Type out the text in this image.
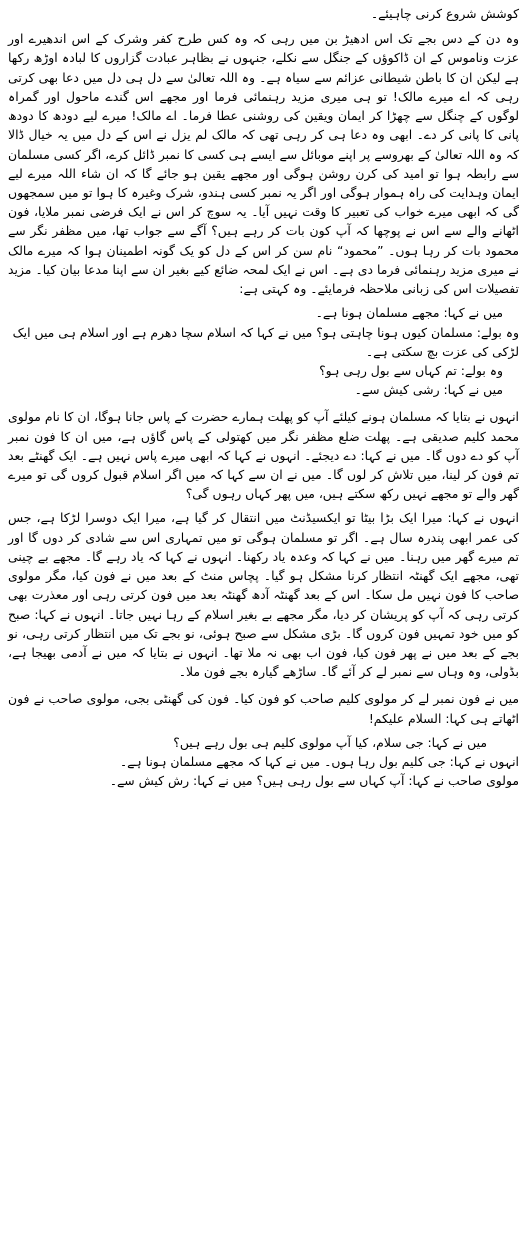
کوشش شروع کرنی چاہیئے۔

وہ دن کے دس بجے تک اس ادھیڑ بن میں رہی کہ وہ کس طرح کفر وشرک کے اس اندھیرے اور عزت وناموس کے ان ڈاکوؤں کے جنگل سے نکلے، جنہوں نے بظاہر عبادت گزاروں کا لبادہ اوڑھ رکھا ہے لیکن ان کا باطن شیطانی عزائم سے سیاہ ہے۔ وہ اللہ تعالیٰ سے دل ہی دل میں دعا بھی کرتی رہی کہ اے میرے مالک! تو ہی میری مزید رہنمائی فرما اور مجھے اس گندے ماحول اور گمراہ لوگوں کے چنگل سے چھڑا کر ایمان ویقین کی روشنی عطا فرما۔ اے مالک! میرے لیے دودھ کا دودھ پانی کا پانی کر دے۔ ابھی وہ دعا ہی کر رہی تھی کہ مالک لم یزل نے اس کے دل میں یہ خیال ڈالا کہ وہ اللہ تعالیٰ کے بھروسے پر اپنے موبائل سے ایسے ہی کسی کا نمبر ڈائل کرے، اگر کسی مسلمان سے رابطہ ہوا تو امید کی کرن روشن ہوگی اور مجھے یقین ہو جائے گا کہ ان شاء اللہ میرے لیے ایمان وہدایت کی راہ ہموار ہوگی اور اگر یہ نمبر کسی ہندو، شرک وغیرہ کا ہوا تو میں سمجھوں گی کہ ابھی میرے خواب کی تعبیر کا وقت نہیں آیا۔ یہ سوچ کر اس نے ایک فرضی نمبر ملایا، فون اٹھانے والے سے اس نے پوچھا کہ آپ کون بات کر رہے ہیں؟ آگے سے جواب تھا، میں مظفر نگر سے محمود بات کر رہا ہوں۔ ”محمود“ نام سن کر اس کے دل کو یک گونہ اطمینان ہوا کہ میرے مالک نے میری مزید رہنمائی فرما دی ہے۔ اس نے ایک لمحہ ضائع کیے بغیر ان سے اپنا مدعا بیان کیا۔ مزید تفصیلات اس کی زبانی ملاحظہ فرمایئے۔ وہ کہتی ہے:

میں نے کہا: مجھے مسلمان ہونا ہے۔

وہ بولے: مسلمان کیوں ہونا چاہتی ہو؟ میں نے کہا کہ اسلام سچا دھرم ہے اور اسلام ہی میں ایک لڑکی کی عزت بچ سکتی ہے۔

وہ بولے: تم کہاں سے بول رہی ہو؟

میں نے کہا: رشی کیش سے۔

انہوں نے بتایا کہ مسلمان ہونے کیلئے آپ کو پھلت ہمارے حضرت کے پاس جانا ہوگا، ان کا نام مولوی محمد کلیم صدیقی ہے۔ پھلت ضلع مظفر نگر میں کھتولی کے پاس گاؤں ہے، میں ان کا فون نمبر آپ کو دے دوں گا۔ میں نے کہا: دے دیجئے۔ انہوں نے کہا کہ ابھی میرے پاس نہیں ہے۔ ایک گھنٹے بعد تم فون کر لینا، میں تلاش کر لوں گا۔ میں نے ان سے کہا کہ میں اگر اسلام قبول کروں گی تو میرے گھر والے تو مجھے نہیں رکھ سکتے ہیں، میں پھر کہاں رہوں گی؟

انہوں نے کہا: میرا ایک بڑا بیٹا تو ایکسیڈنٹ میں انتقال کر گیا ہے، میرا ایک دوسرا لڑکا ہے، جس کی عمر ابھی پندرہ سال ہے۔ اگر تو مسلمان ہوگی تو میں تمہاری اس سے شادی کر دوں گا اور تم میرے گھر میں رہنا۔ میں نے کہا کہ وعدہ یاد رکھنا۔ انہوں نے کہا کہ یاد رہے گا۔ مجھے بے چینی تھی، مجھے ایک گھنٹہ انتظار کرنا مشکل ہو گیا۔ پچاس منٹ کے بعد میں نے فون کیا، مگر مولوی صاحب کا فون نہیں مل سکا۔ اس کے بعد گھنٹہ آدھ گھنٹہ بعد میں فون کرتی رہی اور معذرت بھی کرتی رہی کہ آپ کو پریشان کر دیا، مگر مجھے بے بغیر اسلام کے رہا نہیں جاتا۔ انہوں نے کہا: صبح کو میں خود تمہیں فون کروں گا۔ بڑی مشکل سے صبح ہوئی، نو بجے تک میں انتظار کرتی رہی، نو بجے کے بعد میں نے پھر فون کیا، فون اب بھی نہ ملا تھا۔ انہوں نے بتایا کہ میں نے آدمی بھیجا ہے، بڈولی، وہ وہاں سے نمبر لے کر آئے گا۔ ساڑھے گیارہ بجے فون ملا۔

میں نے فون نمبر لے کر مولوی کلیم صاحب کو فون کیا۔ فون کی گھنٹی بجی، مولوی صاحب نے فون اٹھاتے ہی کہا: السلام علیکم!

میں نے کہا: جی سلام، کیا آپ مولوی کلیم ہی بول رہے ہیں؟

انہوں نے کہا: جی کلیم بول رہا ہوں۔ میں نے کہا کہ مجھے مسلمان ہونا ہے۔

مولوی صاحب نے کہا: آپ کہاں سے بول رہی ہیں؟ میں نے کہا: رش کیش سے۔
